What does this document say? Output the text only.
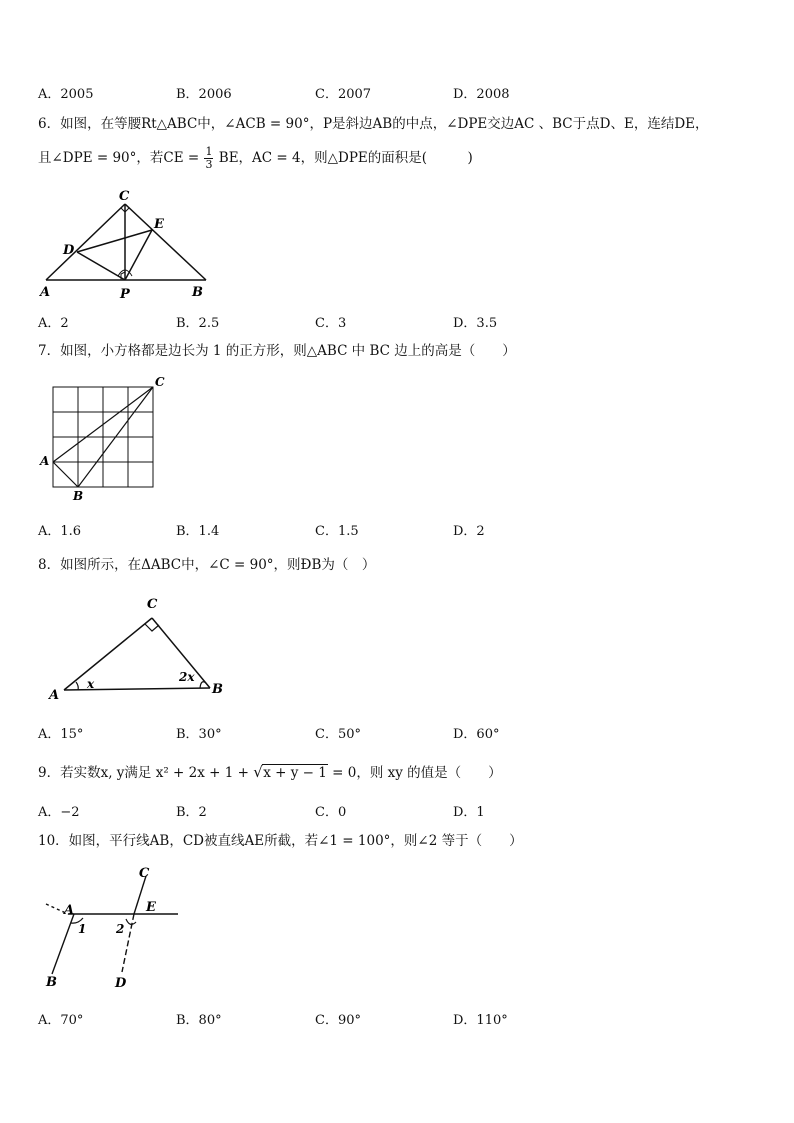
A．2005	B．2006	C．2007	D．2008
6．如图，在等腰Rt△ABC中，∠ACB = 90°，P是斜边AB的中点，∠DPE交边AC 、BC于点D、E，连结DE，
且∠DPE = 90°，若CE = $\frac{1}{3}$ BE，AC = 4，则△DPE的面积是(　　　)
C
E
D
A	P	B
A．2	B．2.5	C．3	D．3.5
7．如图，小方格都是边长为 1 的正方形，则△ABC 中 BC 边上的高是（　　）
A
B
C
A．1.6	B．1.4	C．1.5	D．2
8．如图所示，在ΔABC中，∠C = 90°，则ÐB为（　）
C
A	B
x	2x
A．15°	B．30°	C．50°	D．60°
9．若实数x, y满足 x² + 2x + 1 + √ x + y − 1 = 0，则 xy 的值是（　　）
A．−2	B．2	C．0	D．1
10．如图，平行线AB，CD被直线AE所截，若∠1 = 100°，则∠2 等于（　　）
A
B
C
D
E
1 2
A．70°	B．80°	C．90°	D．110°
